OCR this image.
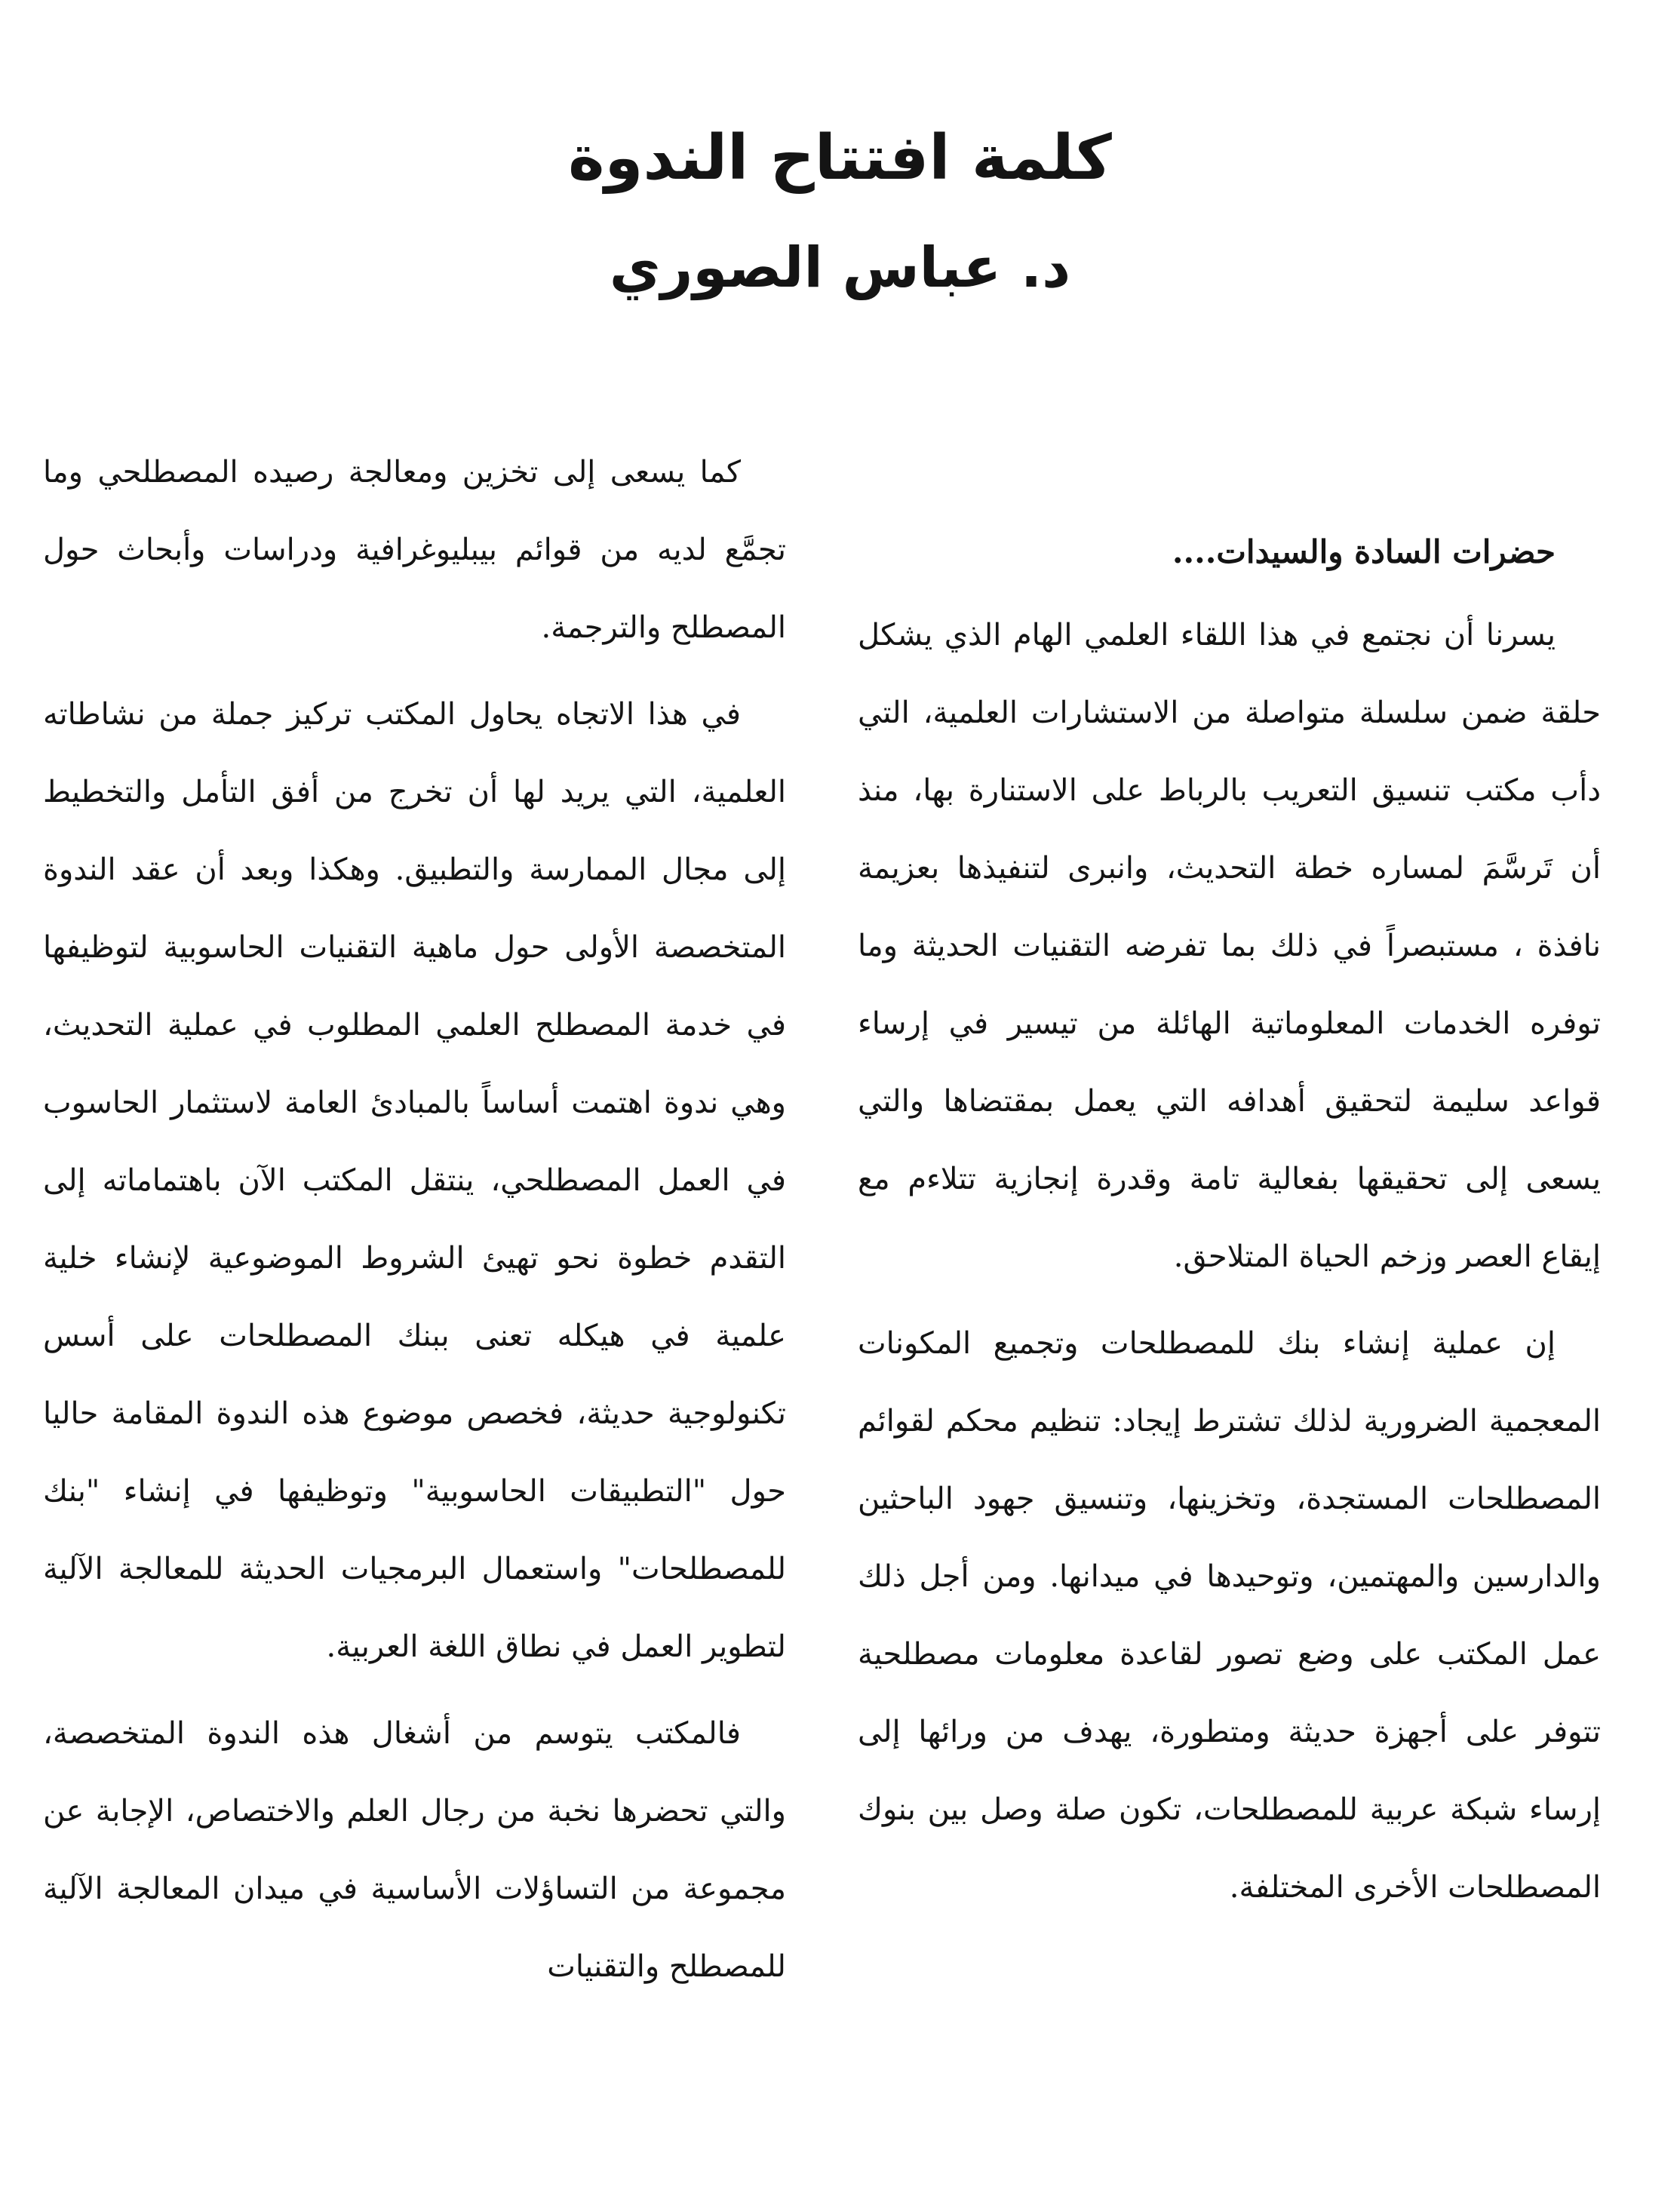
كلمة افتتاح الندوة
د. عباس الصوري

حضرات السادة والسيدات....

يسرنا أن نجتمع في هذا اللقاء العلمي الهام الذي يشكل حلقة ضمن سلسلة متواصلة من الاستشارات العلمية، التي دأب مكتب تنسيق التعريب بالرباط على الاستنارة بها، منذ أن تَرسَّمَ لمساره خطة التحديث، وانبرى لتنفيذها بعزيمة نافذة ، مستبصراً في ذلك بما تفرضه التقنيات الحديثة وما توفره الخدمات المعلوماتية الهائلة من تيسير في إرساء قواعد سليمة لتحقيق أهدافه التي يعمل بمقتضاها والتي يسعى إلى تحقيقها بفعالية تامة وقدرة إنجازية تتلاءم مع إيقاع العصر وزخم الحياة المتلاحق.

إن عملية إنشاء بنك للمصطلحات وتجميع المكونات المعجمية الضرورية لذلك تشترط إيجاد: تنظيم محكم لقوائم المصطلحات المستجدة، وتخزينها، وتنسيق جهود الباحثين والدارسين والمهتمين، وتوحيدها في ميدانها. ومن أجل ذلك عمل المكتب على وضع تصور لقاعدة معلومات مصطلحية تتوفر على أجهزة حديثة ومتطورة، يهدف من ورائها إلى إرساء شبكة عربية للمصطلحات، تكون صلة وصل بين بنوك المصطلحات الأخرى المختلفة.

كما يسعى إلى تخزين ومعالجة رصيده المصطلحي وما تجمَّع لديه من قوائم بيبليوغرافية ودراسات وأبحاث حول المصطلح والترجمة.

في هذا الاتجاه يحاول المكتب تركيز جملة من نشاطاته العلمية، التي يريد لها أن تخرج من أفق التأمل والتخطيط إلى مجال الممارسة والتطبيق. وهكذا وبعد أن عقد الندوة المتخصصة الأولى حول ماهية التقنيات الحاسوبية لتوظيفها في خدمة المصطلح العلمي المطلوب في عملية التحديث، وهي ندوة اهتمت أساساً بالمبادئ العامة لاستثمار الحاسوب في العمل المصطلحي، ينتقل المكتب الآن باهتماماته إلى التقدم خطوة نحو تهيئ الشروط الموضوعية لإنشاء خلية علمية في هيكله تعنى ببنك المصطلحات على أسس تكنولوجية حديثة، فخصص موضوع هذه الندوة المقامة حاليا حول "التطبيقات الحاسوبية" وتوظيفها في إنشاء "بنك للمصطلحات" واستعمال البرمجيات الحديثة للمعالجة الآلية لتطوير العمل في نطاق اللغة العربية.

فالمكتب يتوسم من أشغال هذه الندوة المتخصصة، والتي تحضرها نخبة من رجال العلم والاختصاص، الإجابة عن مجموعة من التساؤلات الأساسية في ميدان المعالجة الآلية للمصطلح والتقنيات
